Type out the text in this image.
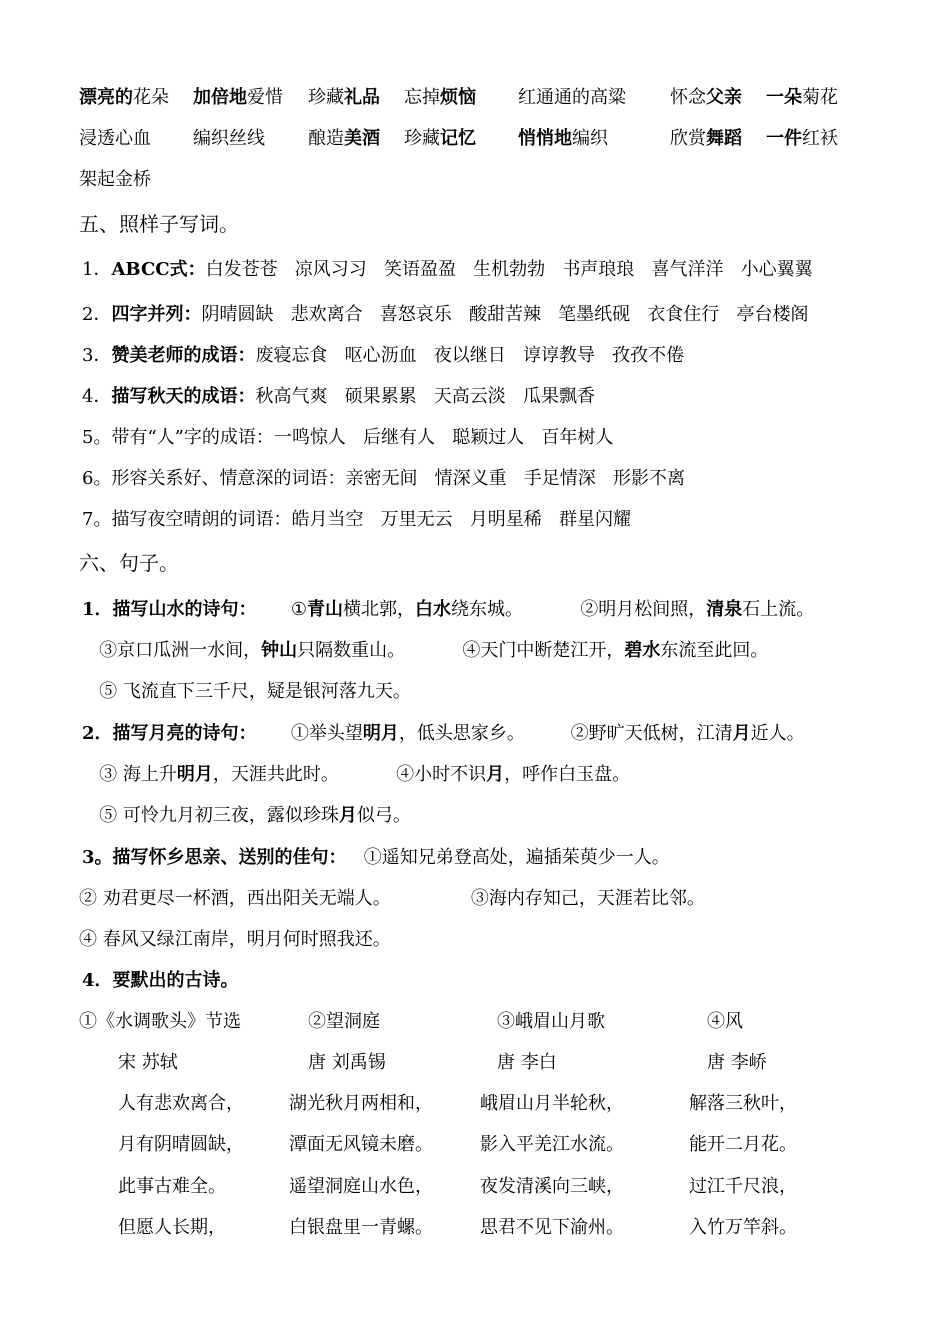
漂亮的花朵 加倍地爱惜 珍藏礼品 忘掉烦恼 红通通的高粱 怀念父亲 一朵菊花
浸透心血 编织丝线 酿造美酒 珍藏记忆 悄悄地编织	欣赏舞蹈 一件红袄
架起金桥
五、照样子写词。
1．ABCC式：白发苍苍 凉风习习 笑语盈盈 生机勃勃 书声琅琅 喜气洋洋 小心翼翼
2．四字并列：阴晴圆缺 悲欢离合 喜怒哀乐 酸甜苦辣 笔墨纸砚 衣食住行 亭台楼阁
3．赞美老师的成语：废寝忘食 呕心沥血 夜以继日 谆谆教导 孜孜不倦
4．描写秋天的成语：秋高气爽 硕果累累 天高云淡 瓜果飘香
5。带有“人”字的成语：一鸣惊人 后继有人 聪颖过人 百年树人
6。形容关系好、情意深的词语：亲密无间 情深义重 手足情深 形影不离
7。描写夜空晴朗的词语：皓月当空 万里无云 月明星稀 群星闪耀
六、句子。
1．描写山水的诗句：      ①青山横北郭，白水绕东城。          ②明月松间照，清泉石上流。
③京口瓜洲一水间，钟山只隔数重山。          ④天门中断楚江开，碧水东流至此回。
⑤ 飞流直下三千尺，疑是银河落九天。
2．描写月亮的诗句：      ①举头望明月，低头思家乡。        ②野旷天低树，江清月近人。
③ 海上升明月，天涯共此时。          ④小时不识月，呼作白玉盘。
⑤ 可怜九月初三夜，露似珍珠月似弓。
3。描写怀乡思亲、送别的佳句：   ①遥知兄弟登高处，遍插茱萸少一人。
② 劝君更尽一杯酒，西出阳关无端人。              ③海内存知己，天涯若比邻。
④ 春风又绿江南岸，明月何时照我还。
4．要默出的古诗。
①《水调歌头》节选	②望洞庭	③峨眉山月歌	④风
宋 苏轼	唐 刘禹锡	唐 李白	唐 李峤
人有悲欢离合，	湖光秋月两相和，	峨眉山月半轮秋，	解落三秋叶，
月有阴晴圆缺，	潭面无风镜未磨。	影入平羌江水流。	能开二月花。
此事古难全。	遥望洞庭山水色，	夜发清溪向三峡，	过江千尺浪，
但愿人长期，	白银盘里一青螺。	思君不见下渝州。	入竹万竿斜。
